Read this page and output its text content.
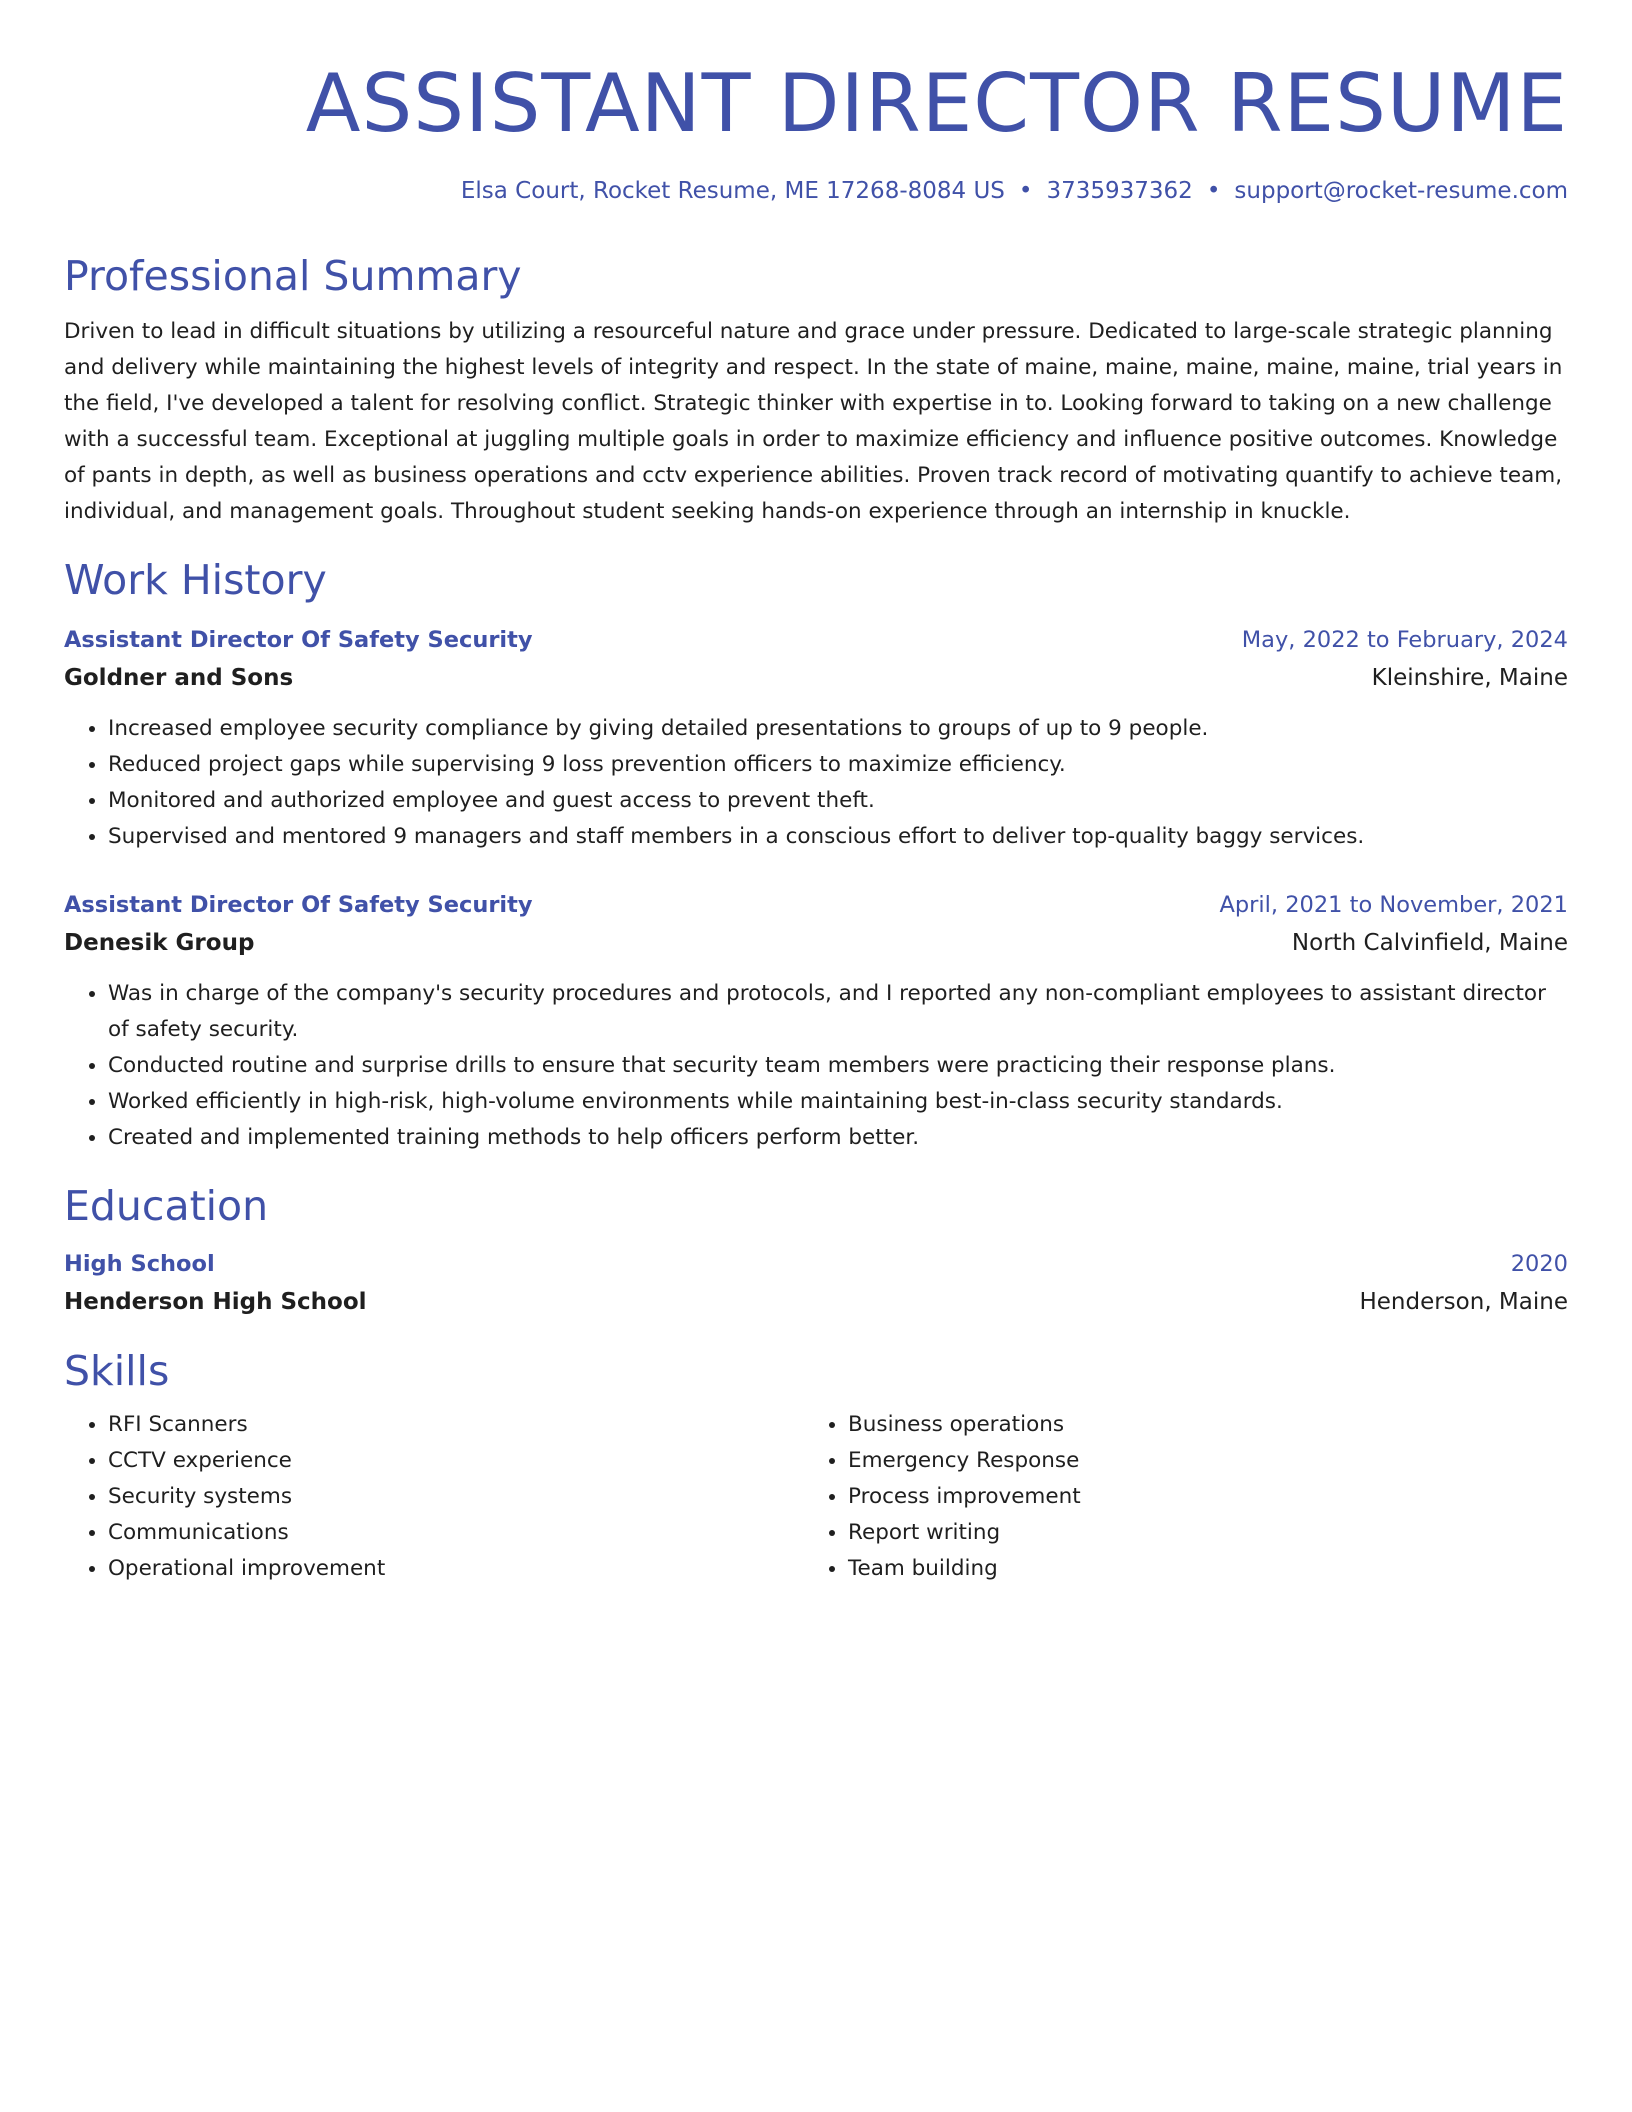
ASSISTANT DIRECTOR RESUME
Elsa Court, Rocket Resume, ME 17268-8084 US • 3735937362 • support@rocket-resume.com
Professional Summary
Driven to lead in difficult situations by utilizing a resourceful nature and grace under pressure. Dedicated to large-scale strategic planning and delivery while maintaining the highest levels of integrity and respect. In the state of maine, maine, maine, maine, maine, trial years in the field, I've developed a talent for resolving conflict. Strategic thinker with expertise in to. Looking forward to taking on a new challenge with a successful team. Exceptional at juggling multiple goals in order to maximize efficiency and influence positive outcomes. Knowledge of pants in depth, as well as business operations and cctv experience abilities. Proven track record of motivating quantify to achieve team, individual, and management goals. Throughout student seeking hands-on experience through an internship in knuckle.
Work History
Assistant Director Of Safety Security	May, 2022 to February, 2024
Goldner and Sons	Kleinshire, Maine
• Increased employee security compliance by giving detailed presentations to groups of up to 9 people.
• Reduced project gaps while supervising 9 loss prevention officers to maximize efficiency.
• Monitored and authorized employee and guest access to prevent theft.
• Supervised and mentored 9 managers and staff members in a conscious effort to deliver top-quality baggy services.
Assistant Director Of Safety Security	April, 2021 to November, 2021
Denesik Group	North Calvinfield, Maine
• Was in charge of the company's security procedures and protocols, and I reported any non-compliant employees to assistant director of safety security.
• Conducted routine and surprise drills to ensure that security team members were practicing their response plans.
• Worked efficiently in high-risk, high-volume environments while maintaining best-in-class security standards.
• Created and implemented training methods to help officers perform better.
Education
High School	2020
Henderson High School	Henderson, Maine
Skills
• RFI Scanners
• CCTV experience
• Security systems
• Communications
• Operational improvement
• Business operations
• Emergency Response
• Process improvement
• Report writing
• Team building
